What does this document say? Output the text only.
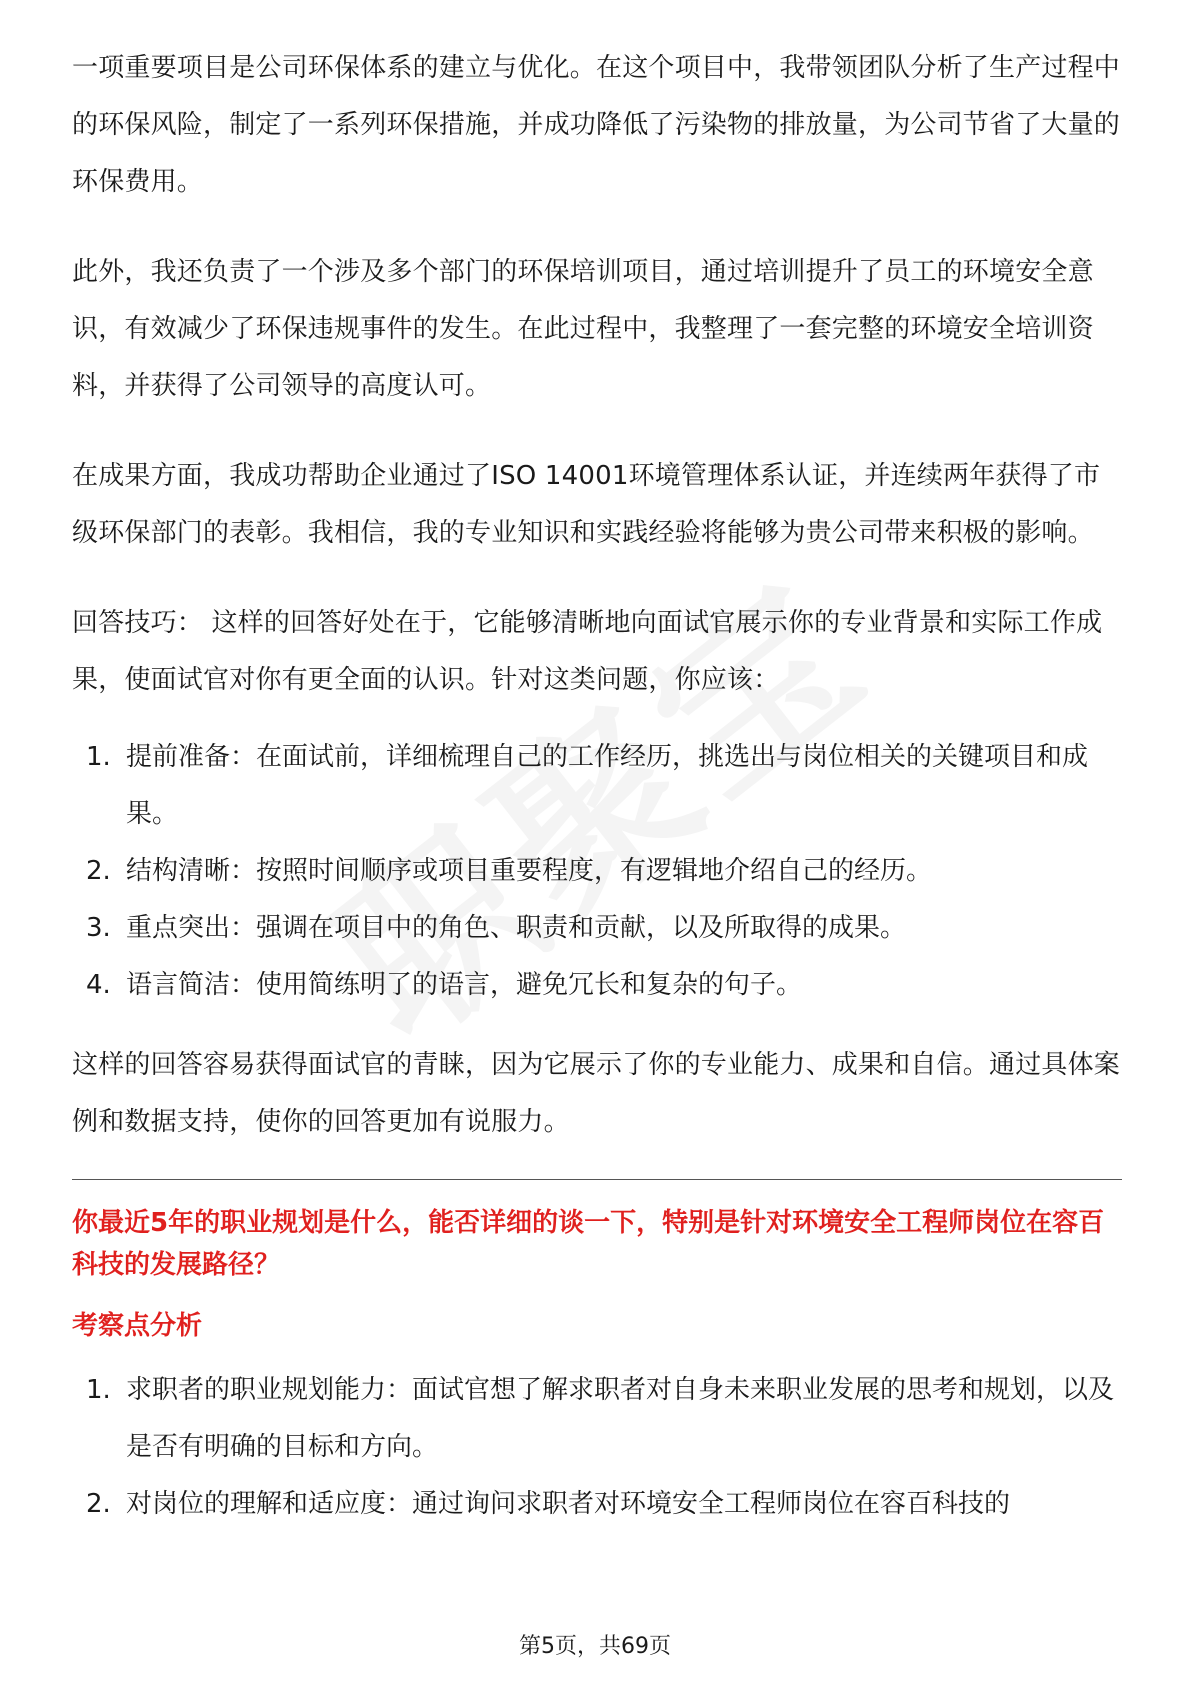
一项重要项目是公司环保体系的建立与优化。在这个项目中，我带领团队分析了生产过程中的环保风险，制定了一系列环保措施，并成功降低了污染物的排放量，为公司节省了大量的环保费用。

此外，我还负责了一个涉及多个部门的环保培训项目，通过培训提升了员工的环境安全意识，有效减少了环保违规事件的发生。在此过程中，我整理了一套完整的环境安全培训资料，并获得了公司领导的高度认可。

在成果方面，我成功帮助企业通过了ISO 14001环境管理体系认证，并连续两年获得了市级环保部门的表彰。我相信，我的专业知识和实践经验将能够为贵公司带来积极的影响。

回答技巧： 这样的回答好处在于，它能够清晰地向面试官展示你的专业背景和实际工作成果，使面试官对你有更全面的认识。针对这类问题，你应该：

1. 提前准备：在面试前，详细梳理自己的工作经历，挑选出与岗位相关的关键项目和成果。
2. 结构清晰：按照时间顺序或项目重要程度，有逻辑地介绍自己的经历。
3. 重点突出：强调在项目中的角色、职责和贡献，以及所取得的成果。
4. 语言简洁：使用简练明了的语言，避免冗长和复杂的句子。

这样的回答容易获得面试官的青睐，因为它展示了你的专业能力、成果和自信。通过具体案例和数据支持，使你的回答更加有说服力。

你最近5年的职业规划是什么，能否详细的谈一下，特别是针对环境安全工程师岗位在容百科技的发展路径？
考察点分析
1. 求职者的职业规划能力：面试官想了解求职者对自身未来职业发展的思考和规划，以及是否有明确的目标和方向。
2. 对岗位的理解和适应度：通过询问求职者对环境安全工程师岗位在容百科技的
第5页，共69页
